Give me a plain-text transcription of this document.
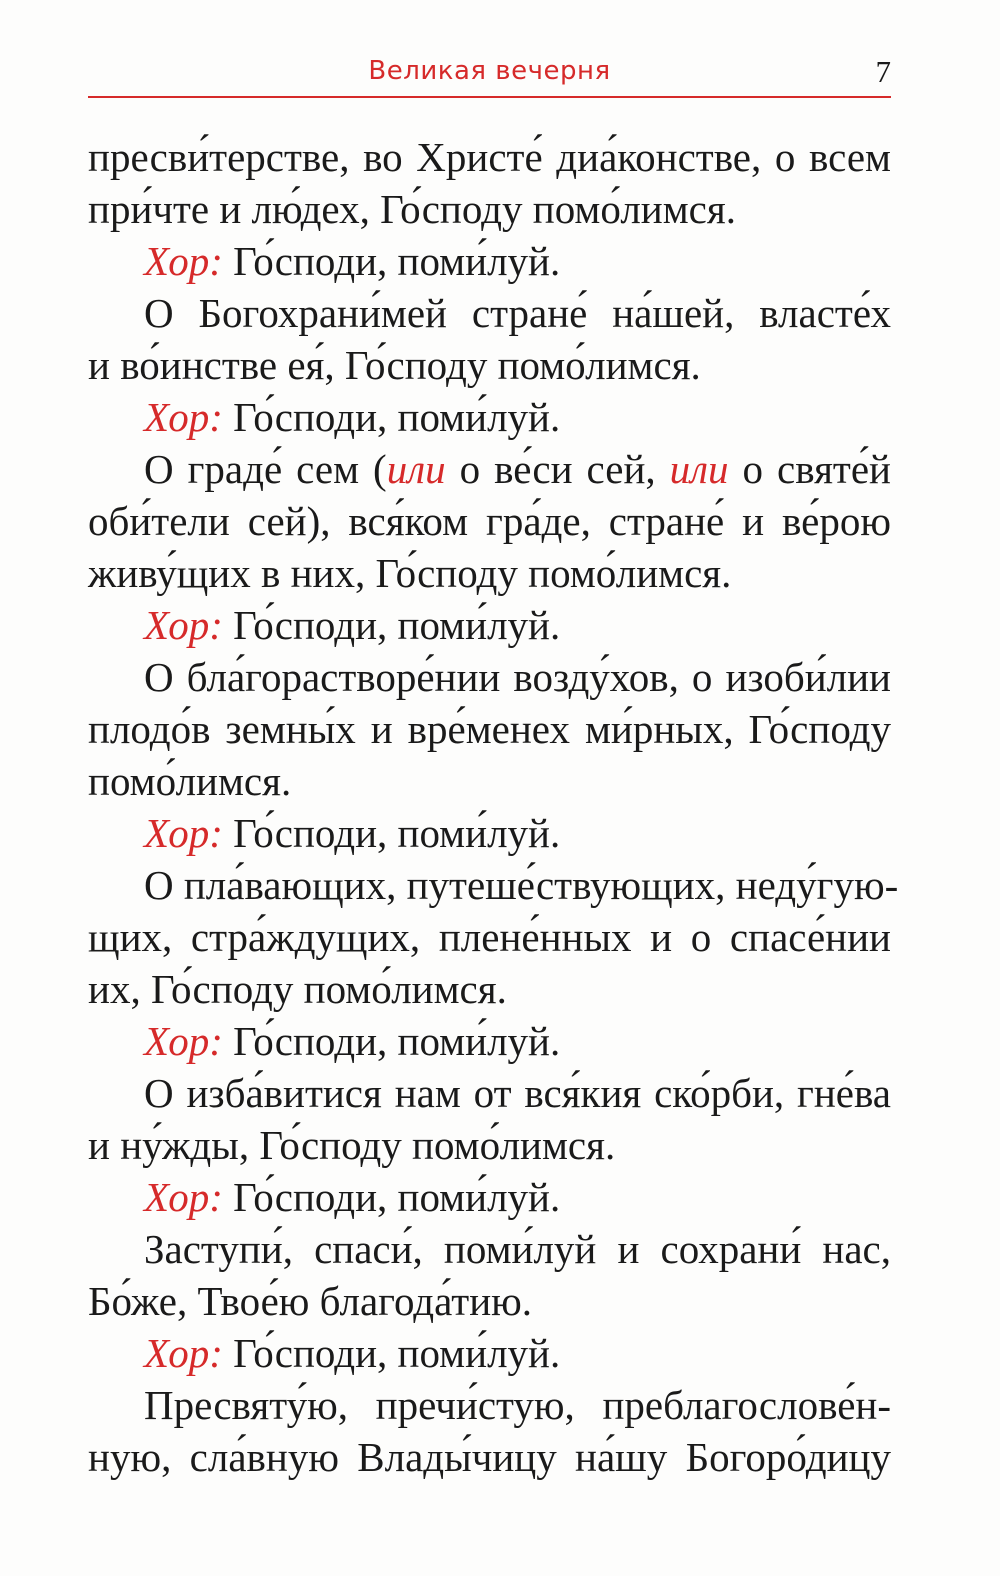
Великая вечерня	7
пресви́терстве, во Христе́ диа́констве, о всем
при́чте и лю́дех, Го́споду помо́лимся.
Хор: Го́споди, поми́луй.
О Богохрани́мей стране́ на́шей, власте́х
и во́инстве ея́, Го́споду помо́лимся.
Хор: Го́споди, поми́луй.
О граде́ сем (или о ве́си сей, или о святе́й
оби́тели сей), вся́ком гра́де, стране́ и ве́рою
живу́щих в них, Го́споду помо́лимся.
Хор: Го́споди, поми́луй.
О бла́горастворе́нии возду́хов, о изоби́лии
плодо́в земны́х и вре́менех ми́рных, Го́споду
помо́лимся.
Хор: Го́споди, поми́луй.
О пла́вающих, путеше́ствующих, неду́гую-
щих, стра́ждущих, плене́нных и о спасе́нии
их, Го́споду помо́лимся.
Хор: Го́споди, поми́луй.
О изба́витися нам от вся́кия ско́рби, гне́ва
и ну́жды, Го́споду помо́лимся.
Хор: Го́споди, поми́луй.
Заступи́, спаси́, поми́луй и сохрани́ нас,
Бо́же, Твое́ю благода́тию.
Хор: Го́споди, поми́луй.
Пресвяту́ю, пречи́стую, преблагослове́н-
ную, сла́вную Влады́чицу на́шу Богоро́дицу
